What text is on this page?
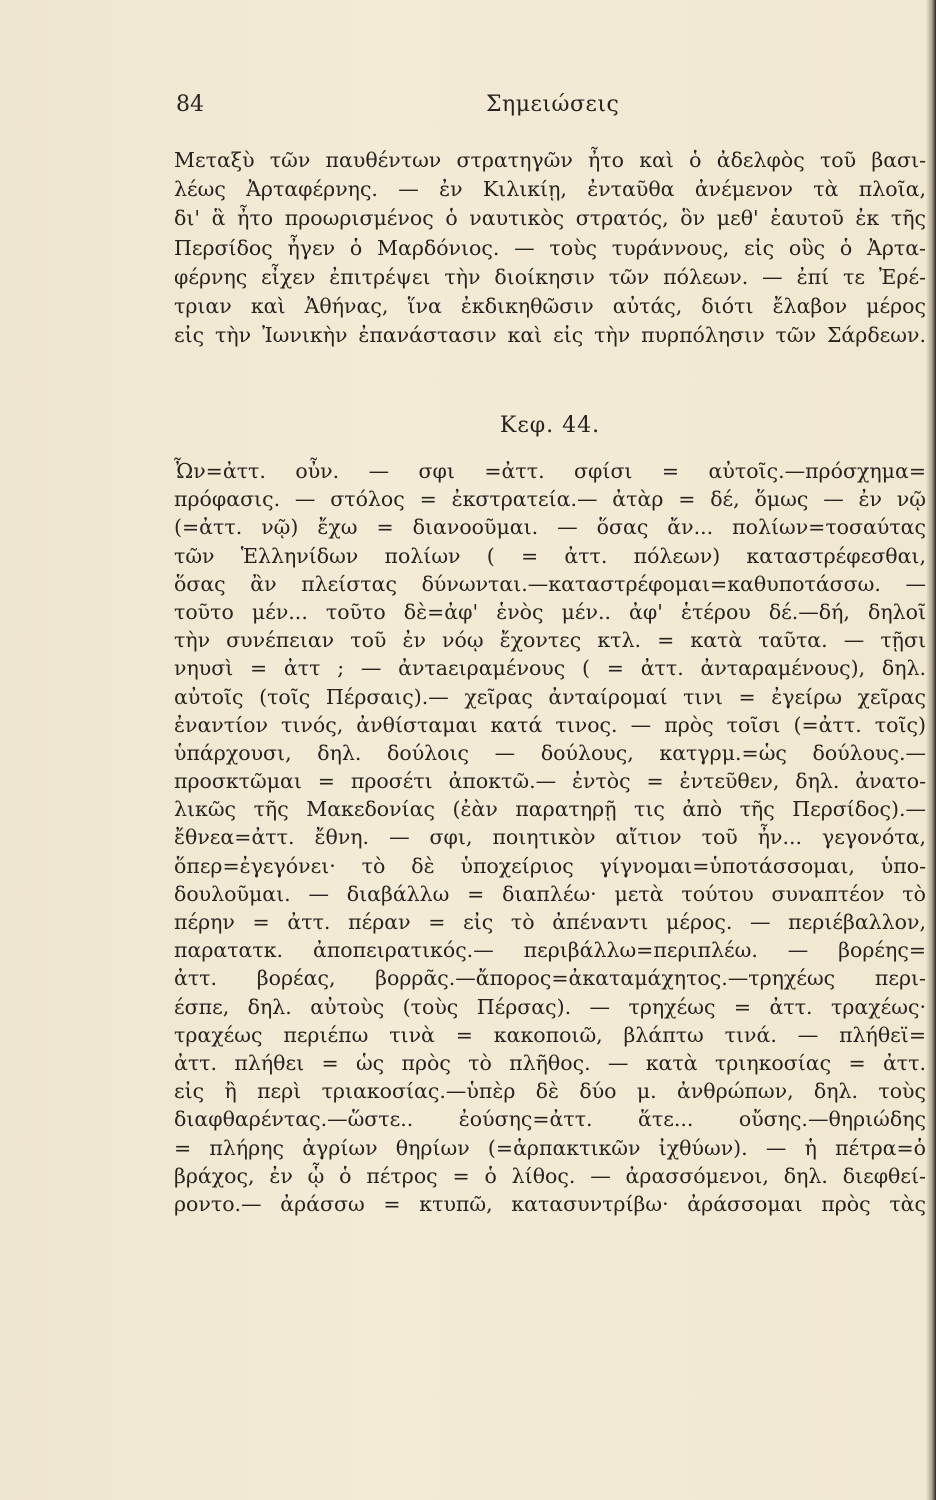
84	Σημειώσεις
Μεταξὺ τῶν παυθέντων στρατηγῶν ἦτο καὶ ὁ ἀδελφὸς τοῦ βασι-
λέως Ἀρταφέρνης. — ἐν Κιλικίῃ, ἐνταῦθα ἀνέμενον τὰ πλοῖα,
δι' ἃ ἦτο προωρισμένος ὁ ναυτικὸς στρατός, ὃν μεθ' ἑαυτοῦ ἐκ τῆς
Περσίδος ἦγεν ὁ Μαρδόνιος. — τοὺς τυράννους, εἰς οὓς ὁ Ἀρτα-
φέρνης εἶχεν ἐπιτρέψει τὴν διοίκησιν τῶν πόλεων. — ἐπί τε Ἐρέ-
τριαν καὶ Ἀθήνας, ἵνα ἐκδικηθῶσιν αὐτάς, διότι ἔλαβον μέρος
εἰς τὴν Ἰωνικὴν ἐπανάστασιν καὶ εἰς τὴν πυρπόλησιν τῶν Σάρδεων.
Κεφ. 44.
Ὦν=ἀττ. οὖν. — σφι =ἀττ. σφίσι = αὐτοῖς.—πρόσχημα=
πρόφασις. — στόλος = ἐκστρατεία.— ἀτὰρ = δέ, ὅμως — ἐν νῷ
(=ἀττ. νῷ) ἔχω = διανοοῦμαι. — ὅσας ἄν... πολίων=τοσαύτας
τῶν Ἑλληνίδων πολίων ( = ἀττ. πόλεων) καταστρέφεσθαι,
ὅσας ἂν πλείστας δύνωνται.—καταστρέφομαι=καθυποτάσσω. —
τοῦτο μέν... τοῦτο δὲ=ἀφ' ἑνὸς μέν.. ἀφ' ἑτέρου δέ.—δή, δηλοῖ
τὴν συνέπειαν τοῦ ἐν νόῳ ἔχοντες κτλ. = κατὰ ταῦτα. — τῇσι
νηυσὶ = ἀττ ; — ἀντaειραμένους ( = ἀττ. ἀνταραμένους), δηλ.
αὐτοῖς (τοῖς Πέρσαις).— χεῖρας ἀνταίρομαί τινι = ἐγείρω χεῖρας
ἐναντίον τινός, ἀνθίσταμαι κατά τινος. — πρὸς τοῖσι (=ἀττ. τοῖς)
ὑπάρχουσι, δηλ. δούλοις — δούλους, κατγρμ.=ὡς δούλους.—
προσκτῶμαι = προσέτι ἀποκτῶ.— ἐντὸς = ἐντεῦθεν, δηλ. ἀνατο-
λικῶς τῆς Μακεδονίας (ἐὰν παρατηρῇ τις ἀπὸ τῆς Περσίδος).—
ἔθνεα=ἀττ. ἔθνη. — σφι, ποιητικὸν αἴτιον τοῦ ἦν... γεγονότα,
ὅπερ=ἐγεγόνει· τὸ δὲ ὑποχείριος γίγνομαι=ὑποτάσσομαι, ὑπο-
δουλοῦμαι. — διαβάλλω = διαπλέω· μετὰ τούτου συναπτέον τὸ
πέρην = ἀττ. πέραν = εἰς τὸ ἀπέναντι μέρος. — περιέβαλλον,
παρατατκ. ἀποπειρατικός.— περιβάλλω=περιπλέω. — βορέης=
ἀττ. βορέας, βορρᾶς.—ἄπορος=ἀκαταμάχητος.—τρηχέως περι-
έσπε, δηλ. αὐτοὺς (τοὺς Πέρσας). — τρηχέως = ἀττ. τραχέως·
τραχέως περιέπω τινὰ = κακοποιῶ, βλάπτω τινά. — πλήθεϊ=
ἀττ. πλήθει = ὡς πρὸς τὸ πλῆθος. — κατὰ τριηκοσίας = ἀττ.
εἰς ἢ περὶ τριακοσίας.—ὑπὲρ δὲ δύο μ. ἀνθρώπων, δηλ. τοὺς
διαφθαρέντας.—ὥστε.. ἐούσης=ἀττ. ἅτε... οὔσης.—θηριώδης
= πλήρης ἀγρίων θηρίων (=ἁρπακτικῶν ἰχθύων). — ἡ πέτρα=ὁ
βράχος, ἐν ᾧ ὁ πέτρος = ὁ λίθος. — ἀρασσόμενοι, δηλ. διεφθεί-
ροντο.— ἀράσσω = κτυπῶ, κατασυντρίβω· ἀράσσομαι πρὸς τὰς
